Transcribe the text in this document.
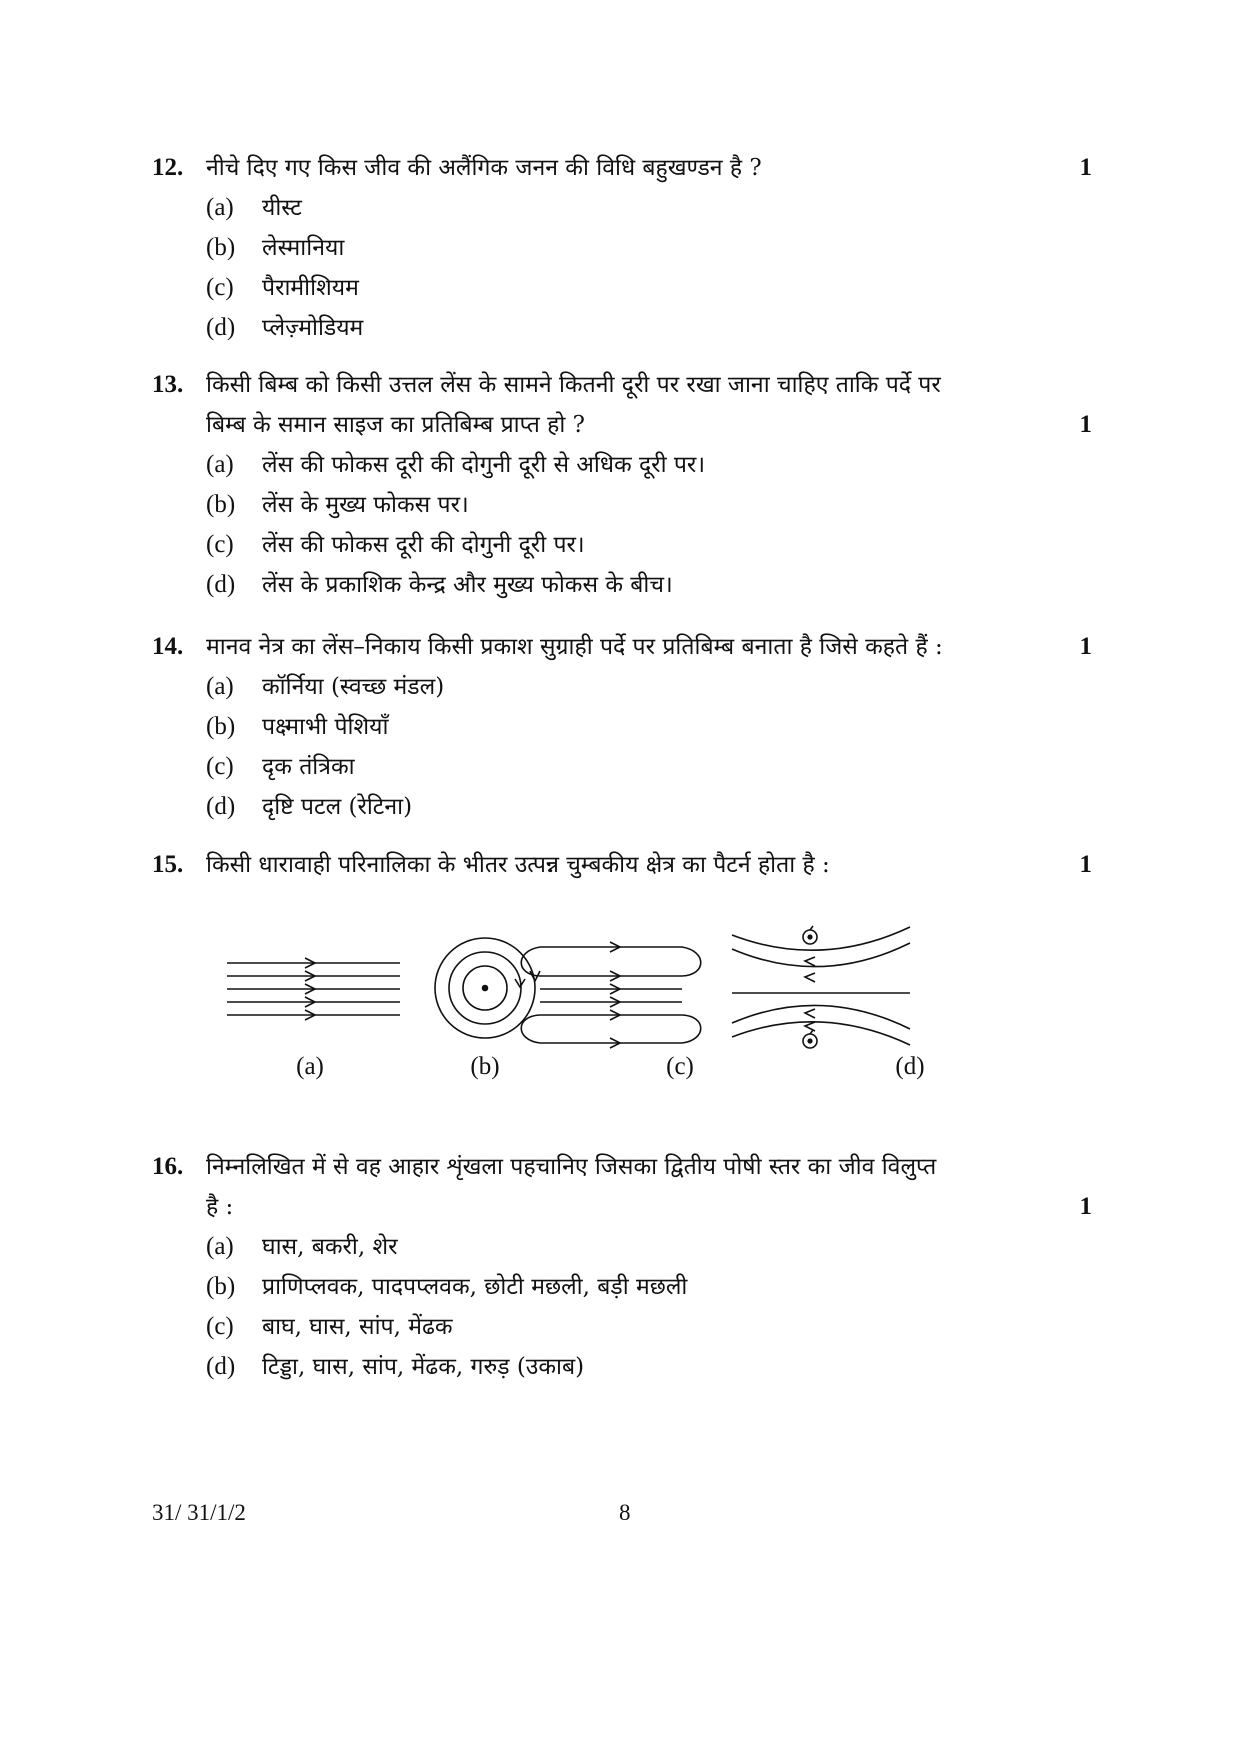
12. नीचे दिए गए किस जीव की अलैंगिक जनन की विधि बहुखण्डन है ?	1
(a) यीस्ट
(b) लेस्मानिया
(c) पैरामीशियम
(d) प्लेज़्मोडियम
13. किसी बिम्ब को किसी उत्तल लेंस के सामने कितनी दूरी पर रखा जाना चाहिए ताकि पर्दे पर
बिम्ब के समान साइज का प्रतिबिम्ब प्राप्त हो ?	1
(a) लेंस की फोकस दूरी की दोगुनी दूरी से अधिक दूरी पर।
(b) लेंस के मुख्य फोकस पर।
(c) लेंस की फोकस दूरी की दोगुनी दूरी पर।
(d) लेंस के प्रकाशिक केन्द्र और मुख्य फोकस के बीच।
14. मानव नेत्र का लेंस–निकाय किसी प्रकाश सुग्राही पर्दे पर प्रतिबिम्ब बनाता है जिसे कहते हैं :	1
(a) कॉर्निया (स्वच्छ मंडल)
(b) पक्ष्माभी पेशियाँ
(c) दृक तंत्रिका
(d) दृष्टि पटल (रेटिना)
15. किसी धारावाही परिनालिका के भीतर उत्पन्न चुम्बकीय क्षेत्र का पैटर्न होता है :	1
(a)	(b)	(c)	(d)
16. निम्नलिखित में से वह आहार शृंखला पहचानिए जिसका द्वितीय पोषी स्तर का जीव विलुप्त
है :	1
(a) घास, बकरी, शेर
(b) प्राणिप्लवक, पादपप्लवक, छोटी मछली, बड़ी मछली
(c) बाघ, घास, सांप, मेंढक
(d) टिड्डा, घास, सांप, मेंढक, गरुड़ (उकाब)
31/ 31/1/2	8
